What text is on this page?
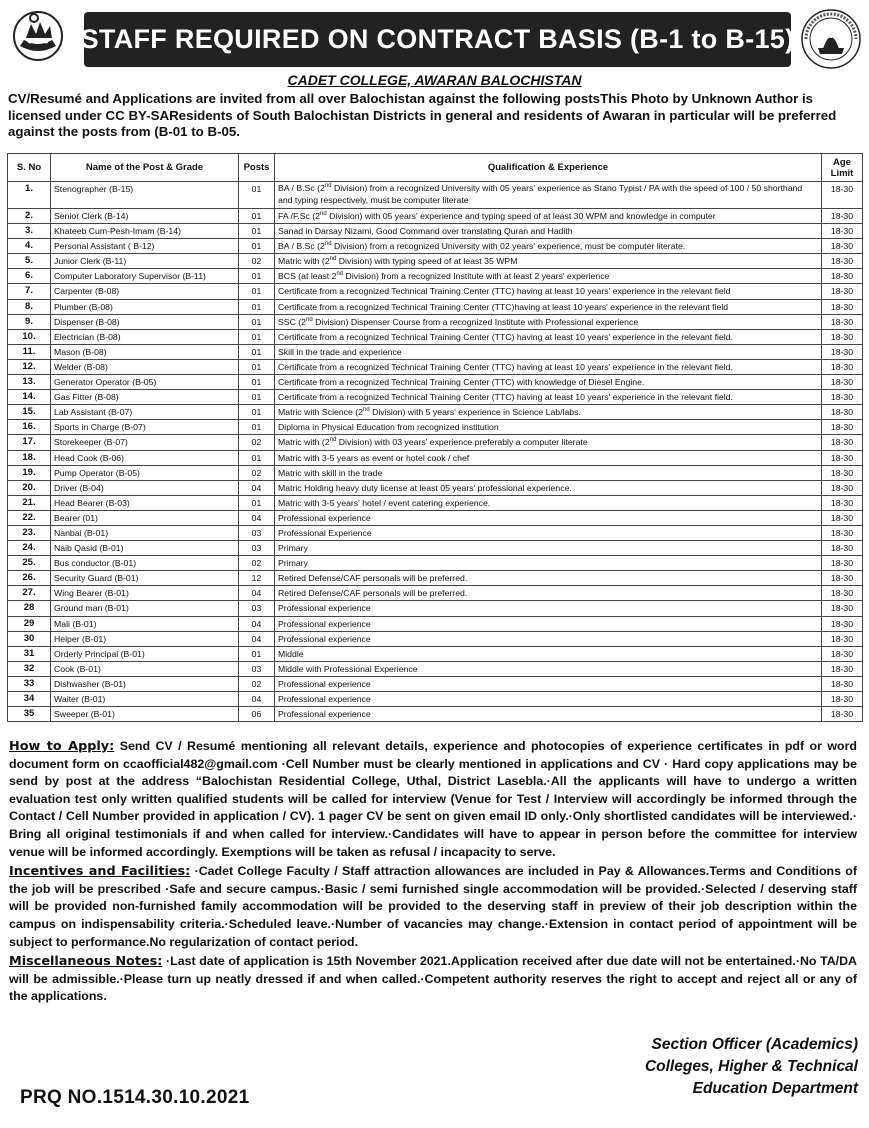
STAFF REQUIRED ON CONTRACT BASIS (B-1 to B-15)
CADET COLLEGE, AWARAN BALOCHISTAN
CV/Resumé and Applications are invited from all over Balochistan against the following postsThis Photo by Unknown Author is licensed under CC BY-SAResidents of South Balochistan Districts in general and residents of Awaran in particular will be preferred against the posts from (B-01 to B-05.
S. No	Name of the Post & Grade	Posts	Qualification & Experience	Age Limit
1.	Stenographer (B-15)	01	BA / B.Sc (2nd Division) from a recognized University with 05 years' experience as Stano Typist / PA with the speed of 100 / 50 shorthand and typing respectively, must be computer literate	18-30
2.	Senior Clerk (B-14)	01	FA /F.Sc (2nd Division) with 05 years' experience and typing speed of at least 30 WPM and knowledge in computer	18-30
3.	Khateeb Cum-Pesh-Imam (B-14)	01	Sanad in Darsay Nizami, Good Command over translating Quran and Hadith	18-30
4.	Personal Assistant ( B-12)	01	BA / B.Sc (2nd Division) from a recognized University with 02 years' experience, must be computer literate.	18-30
5.	Junior Clerk (B-11)	02	Matric with (2nd Division) with typing speed of at least 35 WPM	18-30
6.	Computer Laboratory Supervisor (B-11)	01	BCS (at least 2nd Division) from a recognized Institute with at least 2 years' experience	18-30
7.	Carpenter (B-08)	01	Certificate from a recognized Technical Training Center (TTC) having at least 10 years' experience in the relevant field	18-30
8.	Plumber (B-08)	01	Certificate from a recognized Technical Training Center (TTC)having at least 10 years' experience in the relevant field	18-30
9.	Dispenser (B-08)	01	SSC (2nd Division) Dispenser Course from a recognized Institute with Professional experience	18-30
10.	Electrician (B-08)	01	Certificate from a recognized Technical Training Center (TTC) having at least 10 years' experience in the relevant field.	18-30
11.	Mason (B-08)	01	Skill in the trade and experience	18-30
12.	Welder (B-08)	01	Certificate from a recognized Technical Training Center (TTC) having at least 10 years' experience in the relevant field.	18-30
13.	Generator Operator (B-05)	01	Certificate from a recognized Technical Training Center (TTC) with knowledge of Diesel Engine.	18-30
14.	Gas Fitter (B-08)	01	Certificate from a recognized Technical Training Center (TTC) having at least 10 years' experience in the relevant field.	18-30
15.	Lab Assistant (B-07)	01	Matric with Science (2nd Division) with 5 years' experience in Science Lab/labs.	18-30
16.	Sports in Charge (B-07)	01	Diploma in Physical Education from recognized institution	18-30
17.	Storekeeper (B-07)	02	Matric with (2nd Division) with 03 years' experience preferably a computer literate	18-30
18.	Head Cook (B-06)	01	Matric with 3-5 years as event or hotel cook / chef	18-30
19.	Pump Operator (B-05)	02	Matric with skill in the trade	18-30
20.	Driver (B-04)	04	Matric Holding heavy duty license at least 05 years' professional experience.	18-30
21.	Head Bearer (B-03)	01	Matric with 3-5 years' hotel / event catering experience.	18-30
22.	Bearer (01)	04	Professional experience	18-30
23.	Nanbai (B-01)	03	Professional Experience	18-30
24.	Naib Qasid (B-01)	03	Primary	18-30
25.	Bus conductor (B-01)	02	Primary	18-30
26.	Security Guard (B-01)	12	Retired Defense/CAF personals will be preferred.	18-30
27.	Wing Bearer (B-01)	04	Retired Defense/CAF personals will be preferred.	18-30
28	Ground man (B-01)	03	Professional experience	18-30
29	Mali (B-01)	04	Professional experience	18-30
30	Helper (B-01)	04	Professional experience	18-30
31	Orderly Principal (B-01)	01	Middle	18-30
32	Cook (B-01)	03	Middle with Professional Experience	18-30
33	Dishwasher (B-01)	02	Professional experience	18-30
34	Waiter (B-01)	04	Professional experience	18-30
35	Sweeper (B-01)	06	Professional experience	18-30

How to Apply: Send CV / Resumé mentioning all relevant details, experience and photocopies of experience certificates in pdf or word document form on ccaofficial482@gmail.com ·Cell Number must be clearly mentioned in applications and CV · Hard copy applications may be send by post at the address “Balochistan Residential College, Uthal, District Lasebla.·All the applicants will have to undergo a written evaluation test only written qualified students will be called for interview (Venue for Test / Interview will accordingly be informed through the Contact / Cell Number provided in application / CV). 1 pager CV be sent on given email ID only.·Only shortlisted candidates will be interviewed.· Bring all original testimonials if and when called for interview.·Candidates will have to appear in person before the committee for interview venue will be informed accordingly. Exemptions will be taken as refusal / incapacity to serve.

Incentives and Facilities: ·Cadet College Faculty / Staff attraction allowances are included in Pay & Allowances.Terms and Conditions of the job will be prescribed ·Safe and secure campus.·Basic / semi furnished single accommodation will be provided.·Selected / deserving staff will be provided non-furnished family accommodation will be provided to the deserving staff in preview of their job description within the campus on indispensability criteria.·Scheduled leave.·Number of vacancies may change.·Extension in contact period of appointment will be subject to performance.No regularization of contact period.

Miscellaneous Notes: ·Last date of application is 15th November 2021.Application received after due date will not be entertained.·No TA/DA will be admissible.·Please turn up neatly dressed if and when called.·Competent authority reserves the right to accept and reject all or any of the applications.

Section Officer (Academics)
Colleges, Higher & Technical
Education Department
PRQ NO.1514.30.10.2021
